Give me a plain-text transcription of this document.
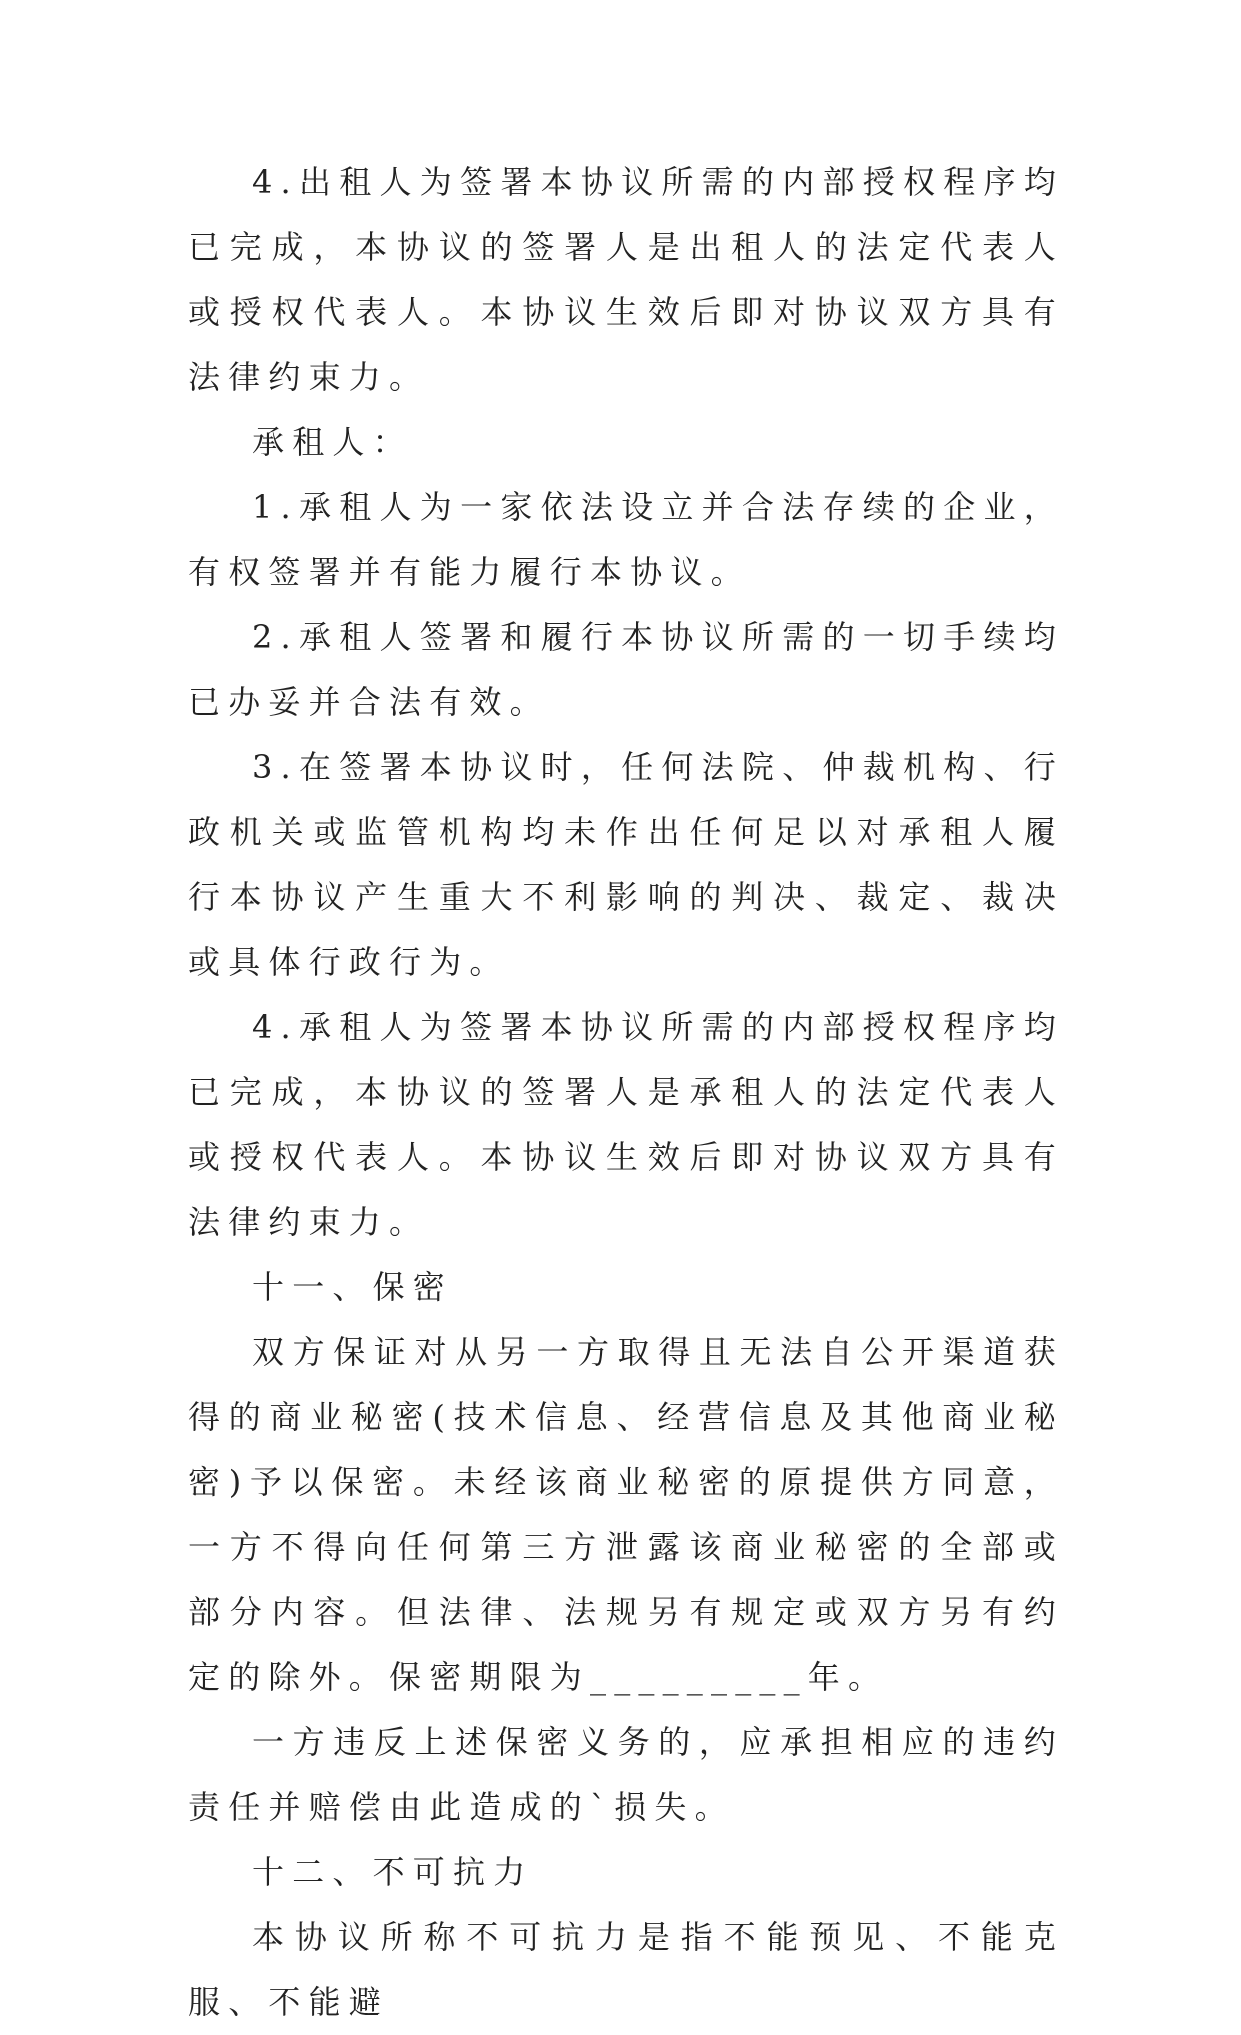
4.出租人为签署本协议所需的内部授权程序均已完成，本协议的签署人是出租人的法定代表人或授权代表人。本协议生效后即对协议双方具有法律约束力。

承租人：

1.承租人为一家依法设立并合法存续的企业，有权签署并有能力履行本协议。

2.承租人签署和履行本协议所需的一切手续均已办妥并合法有效。

3.在签署本协议时，任何法院、仲裁机构、行政机关或监管机构均未作出任何足以对承租人履行本协议产生重大不利影响的判决、裁定、裁决或具体行政行为。

4.承租人为签署本协议所需的内部授权程序均已完成，本协议的签署人是承租人的法定代表人或授权代表人。本协议生效后即对协议双方具有法律约束力。

十一、保密

双方保证对从另一方取得且无法自公开渠道获得的商业秘密(技术信息、经营信息及其他商业秘密)予以保密。未经该商业秘密的原提供方同意，一方不得向任何第三方泄露该商业秘密的全部或部分内容。但法律、法规另有规定或双方另有约定的除外。保密期限为_________年。

一方违反上述保密义务的，应承担相应的违约责任并赔偿由此造成的`损失。

十二、不可抗力

本协议所称不可抗力是指不能预见、不能克服、不能避
